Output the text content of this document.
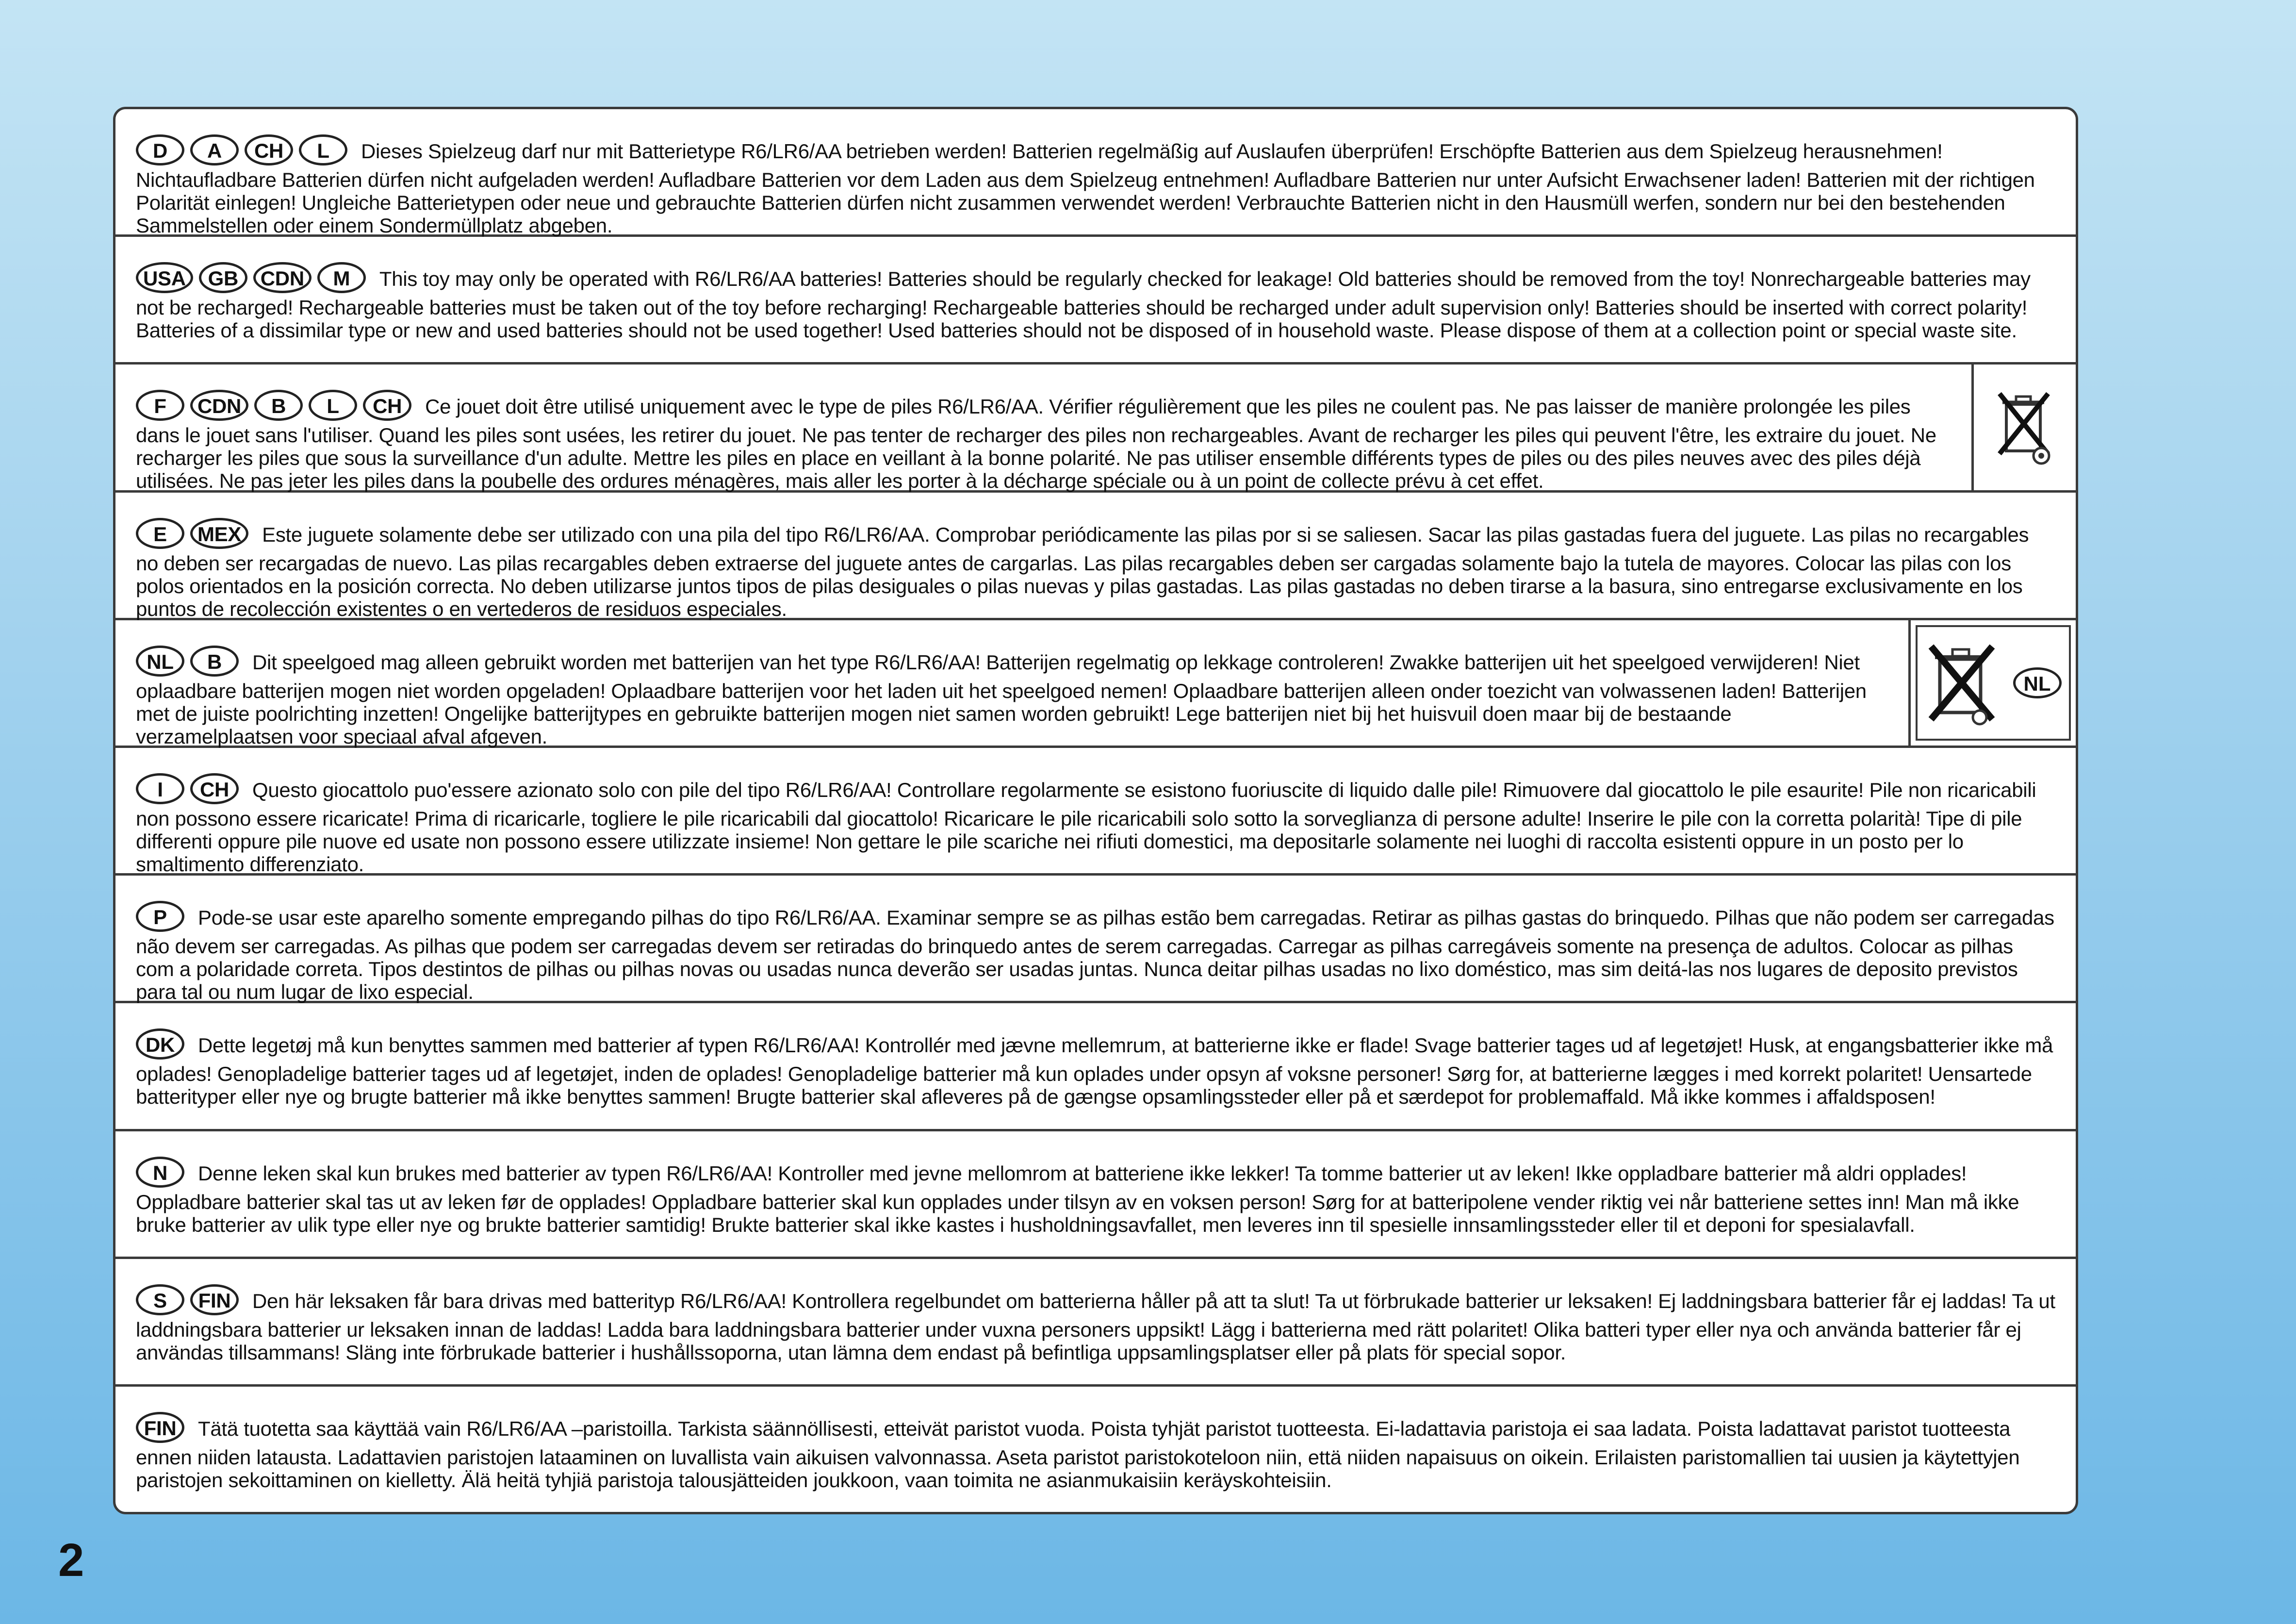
D	A	CH	L	Dieses Spielzeug darf nur mit Batterietype R6/LR6/AA betrieben werden! Batterien regelmäßig auf Auslaufen überprüfen! Erschöpfte Batterien aus dem Spielzeug herausnehmen! Nichtaufladbare Batterien dürfen nicht aufgeladen werden! Aufladbare Batterien vor dem Laden aus dem Spielzeug entnehmen! Aufladbare Batterien nur unter Aufsicht Erwachsener laden! Batterien mit der richtigen Polarität einlegen! Ungleiche Batterietypen oder neue und gebrauchte Batterien dürfen nicht zusammen verwendet werden! Verbrauchte Batterien nicht in den Hausmüll werfen, sondern nur bei den bestehenden Sammelstellen oder einem Sondermüllplatz abgeben.
USA	GB	CDN	M	This toy may only be operated with R6/LR6/AA batteries! Batteries should be regularly checked for leakage! Old batteries should be removed from the toy! Nonrechargeable batteries may not be recharged! Rechargeable batteries must be taken out of the toy before recharging! Rechargeable batteries should be recharged under adult supervision only! Batteries should be inserted with correct polarity! Batteries of a dissimilar type or new and used batteries should not be used together! Used batteries should not be disposed of in household waste. Please dispose of them at a collection point or special waste site.
F	CDN	B	L	CH	Ce jouet doit être utilisé uniquement avec le type de piles R6/LR6/AA. Vérifier régulièrement que les piles ne coulent pas. Ne pas laisser de manière prolongée les piles dans le jouet sans l'utiliser. Quand les piles sont usées, les retirer du jouet. Ne pas tenter de recharger des piles non rechargeables. Avant de recharger les piles qui peuvent l'être, les extraire du jouet. Ne recharger les piles que sous la surveillance d'un adulte. Mettre les piles en place en veillant à la bonne polarité. Ne pas utiliser ensemble différents types de piles ou des piles neuves avec des piles déjà utilisées. Ne pas jeter les piles dans la poubelle des ordures ménagères, mais aller les porter à la décharge spéciale ou à un point de collecte prévu à cet effet.
E	MEX	Este juguete solamente debe ser utilizado con una pila del tipo R6/LR6/AA. Comprobar periódicamente las pilas por si se saliesen. Sacar las pilas gastadas fuera del juguete. Las pilas no recargables no deben ser recargadas de nuevo. Las pilas recargables deben extraerse del juguete antes de cargarlas. Las pilas recargables deben ser cargadas solamente bajo la tutela de mayores. Colocar las pilas con los polos orientados en la posición correcta. No deben utilizarse juntos tipos de pilas desiguales o pilas nuevas y pilas gastadas. Las pilas gastadas no deben tirarse a la basura, sino entregarse exclusivamente en los puntos de recolección existentes o en vertederos de residuos especiales.
NL	B	Dit speelgoed mag alleen gebruikt worden met batterijen van het type R6/LR6/AA! Batterijen regelmatig op lekkage controleren! Zwakke batterijen uit het speelgoed verwijderen! Niet oplaadbare batterijen mogen niet worden opgeladen! Oplaadbare batterijen voor het laden uit het speelgoed nemen! Oplaadbare batterijen alleen onder toezicht van volwassenen laden! Batterijen met de juiste poolrichting inzetten! Ongelijke batterijtypes en gebruikte batterijen mogen niet samen worden gebruikt! Lege batterijen niet bij het huisvuil doen maar bij de bestaande verzamelplaatsen voor speciaal afval afgeven.
NL
I	CH	Questo giocattolo puo'essere azionato solo con pile del tipo R6/LR6/AA! Controllare regolarmente se esistono fuoriuscite di liquido dalle pile! Rimuovere dal giocattolo le pile esaurite! Pile non ricaricabili non possono essere ricaricate! Prima di ricaricarle, togliere le pile ricaricabili dal giocattolo! Ricaricare le pile ricaricabili solo sotto la sorveglianza di persone adulte! Inserire le pile con la corretta polarità! Tipe di pile differenti oppure pile nuove ed usate non possono essere utilizzate insieme! Non gettare le pile scariche nei rifiuti domestici, ma depositarle solamente nei luoghi di raccolta esistenti oppure in un posto per lo smaltimento differenziato.
P	Pode-se usar este aparelho somente empregando pilhas do tipo R6/LR6/AA. Examinar sempre se as pilhas estão bem carregadas. Retirar as pilhas gastas do brinquedo. Pilhas que não podem ser carregadas não devem ser carregadas. As pilhas que podem ser carregadas devem ser retiradas do brinquedo antes de serem carregadas. Carregar as pilhas carregáveis somente na presença de adultos. Colocar as pilhas com a polaridade correta. Tipos destintos de pilhas ou pilhas novas ou usadas nunca deverão ser usadas juntas. Nunca deitar pilhas usadas no lixo doméstico, mas sim deitá-las nos lugares de deposito previstos para tal ou num lugar de lixo especial.
DK	Dette legetøj må kun benyttes sammen med batterier af typen R6/LR6/AA! Kontrollér med jævne mellemrum, at batterierne ikke er flade! Svage batterier tages ud af legetøjet! Husk, at engangsbatterier ikke må oplades! Genopladelige batterier tages ud af legetøjet, inden de oplades! Genopladelige batterier må kun oplades under opsyn af voksne personer! Sørg for, at batterierne lægges i med korrekt polaritet! Uensartede batterityper eller nye og brugte batterier må ikke benyttes sammen! Brugte batterier skal afleveres på de gængse opsamlingssteder eller på et særdepot for problemaffald. Må ikke kommes i affaldsposen!
N	Denne leken skal kun brukes med batterier av typen R6/LR6/AA! Kontroller med jevne mellomrom at batteriene ikke lekker! Ta tomme batterier ut av leken! Ikke oppladbare batterier må aldri opplades! Oppladbare batterier skal tas ut av leken før de opplades! Oppladbare batterier skal kun opplades under tilsyn av en voksen person! Sørg for at batteripolene vender riktig vei når batteriene settes inn! Man må ikke bruke batterier av ulik type eller nye og brukte batterier samtidig! Brukte batterier skal ikke kastes i husholdningsavfallet, men leveres inn til spesielle innsamlingssteder eller til et deponi for spesialavfall.
S	FIN	Den här leksaken får bara drivas med batterityp R6/LR6/AA! Kontrollera regelbundet om batterierna håller på att ta slut! Ta ut förbrukade batterier ur leksaken! Ej laddningsbara batterier får ej laddas! Ta ut laddningsbara batterier ur leksaken innan de laddas! Ladda bara laddningsbara batterier under vuxna personers uppsikt! Lägg i batterierna med rätt polaritet! Olika batteri typer eller nya och använda batterier får ej användas tillsammans! Släng inte förbrukade batterier i hushållssoporna, utan lämna dem endast på befintliga uppsamlingsplatser eller på plats för special sopor.
FIN	Tätä tuotetta saa käyttää vain R6/LR6/AA –paristoilla. Tarkista säännöllisesti, etteivät paristot vuoda. Poista tyhjät paristot tuotteesta. Ei-ladattavia paristoja ei saa ladata. Poista ladattavat paristot tuotteesta ennen niiden latausta. Ladattavien paristojen lataaminen on luvallista vain aikuisen valvonnassa. Aseta paristot paristokoteloon niin, että niiden napaisuus on oikein. Erilaisten paristomallien tai uusien ja käytettyjen paristojen sekoittaminen on kielletty. Älä heitä tyhjiä paristoja talousjätteiden joukkoon, vaan toimita ne asianmukaisiin keräyskohteisiin.
2
